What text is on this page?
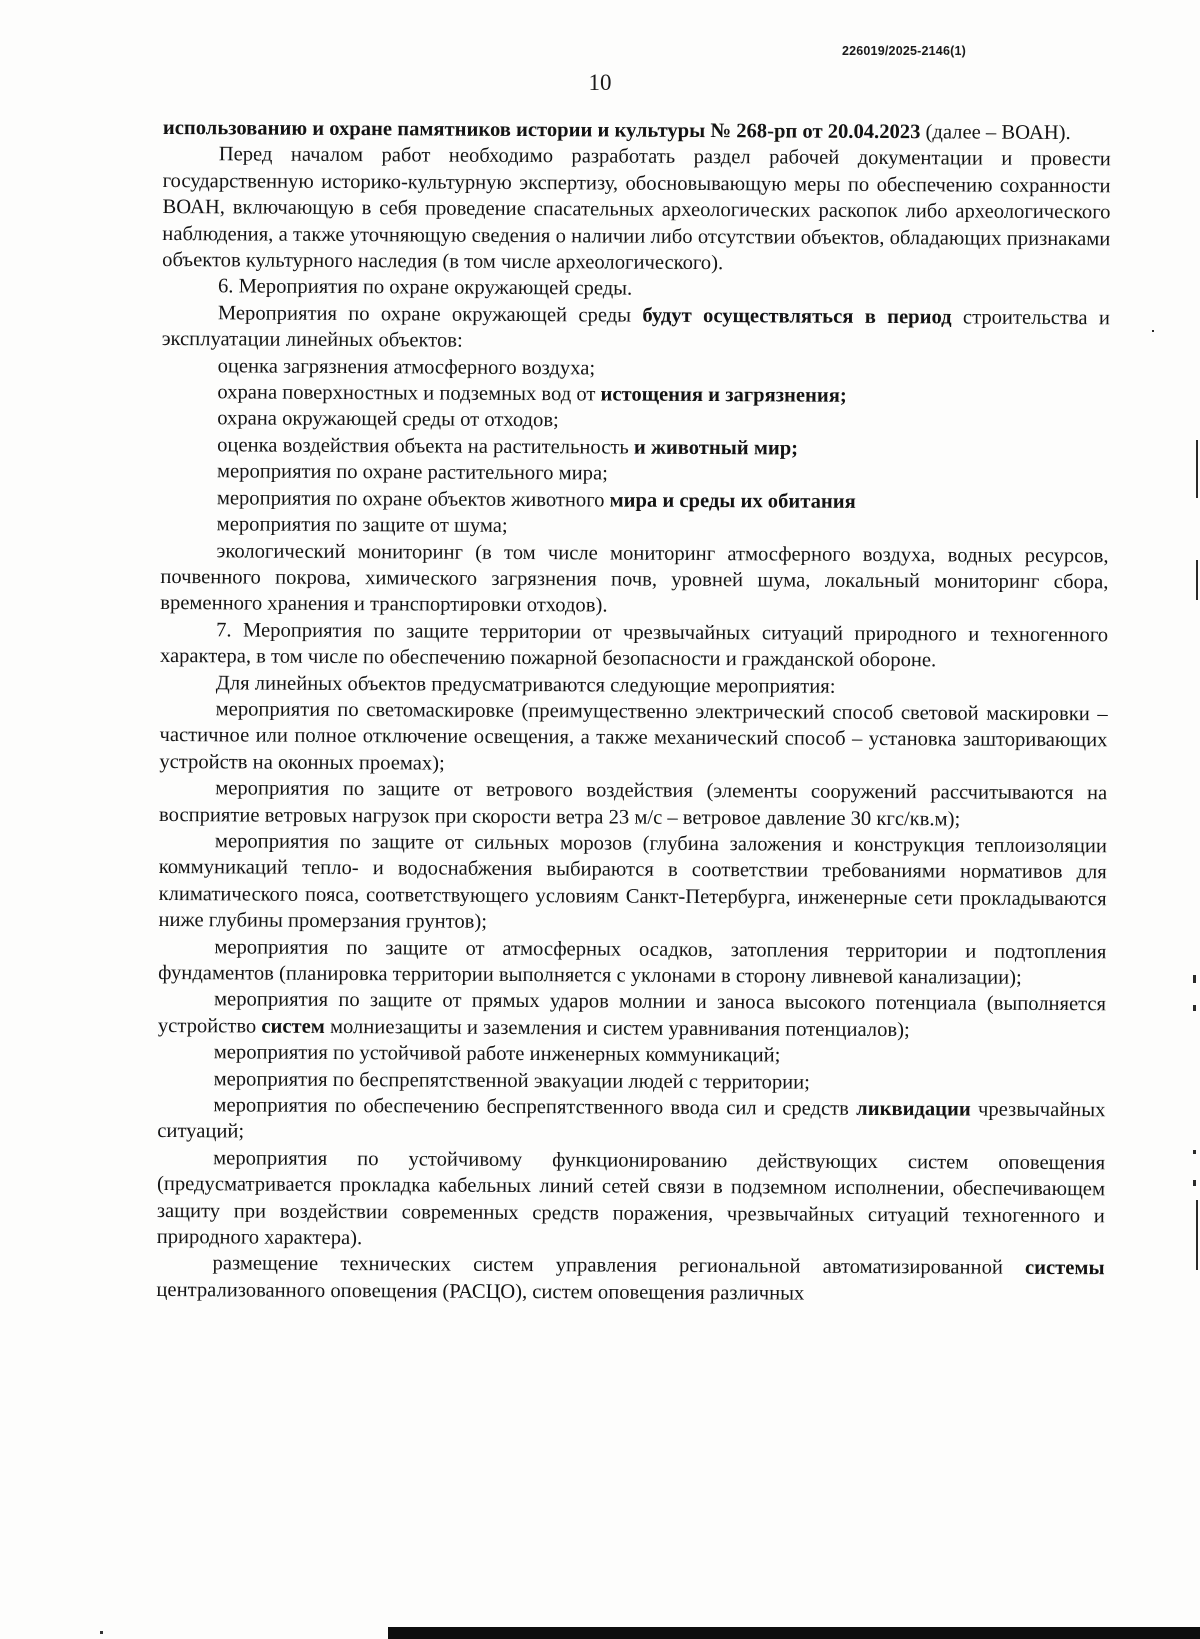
226019/2025-2146(1)
10

использованию и охране памятников истории и культуры № 268-рп от 20.04.2023 (далее – ВОАН).

Перед началом работ необходимо разработать раздел рабочей документации и провести государственную историко-культурную экспертизу, обосновывающую меры по обеспечению сохранности ВОАН, включающую в себя проведение спасательных археологических раскопок либо археологического наблюдения, а также уточняющую сведения о наличии либо отсутствии объектов, обладающих признаками объектов культурного наследия (в том числе археологического).

6. Мероприятия по охране окружающей среды.

Мероприятия по охране окружающей среды будут осуществляться в период строительства и эксплуатации линейных объектов:

оценка загрязнения атмосферного воздуха;

охрана поверхностных и подземных вод от истощения и загрязнения;

охрана окружающей среды от отходов;

оценка воздействия объекта на растительность и животный мир;

мероприятия по охране растительного мира;

мероприятия по охране объектов животного мира и среды их обитания

мероприятия по защите от шума;

экологический мониторинг (в том числе мониторинг атмосферного воздуха, водных ресурсов, почвенного покрова, химического загрязнения почв, уровней шума, локальный мониторинг сбора, временного хранения и транспортировки отходов).

7. Мероприятия по защите территории от чрезвычайных ситуаций природного и техногенного характера, в том числе по обеспечению пожарной безопасности и гражданской обороне.

Для линейных объектов предусматриваются следующие мероприятия:

мероприятия по светомаскировке (преимущественно электрический способ световой маскировки – частичное или полное отключение освещения, а также механический способ – установка зашторивающих устройств на оконных проемах);

мероприятия по защите от ветрового воздействия (элементы сооружений рассчитываются на восприятие ветровых нагрузок при скорости ветра 23 м/с – ветровое давление 30 кгс/кв.м);

мероприятия по защите от сильных морозов (глубина заложения и конструкция теплоизоляции коммуникаций тепло- и водоснабжения выбираются в соответствии требованиями нормативов для климатического пояса, соответствующего условиям Санкт-Петербурга, инженерные сети прокладываются ниже глубины промерзания грунтов);

мероприятия по защите от атмосферных осадков, затопления территории и подтопления фундаментов (планировка территории выполняется с уклонами в сторону ливневой канализации);

мероприятия по защите от прямых ударов молнии и заноса высокого потенциала (выполняется устройство систем молниезащиты и заземления и систем уравнивания потенциалов);

мероприятия по устойчивой работе инженерных коммуникаций;

мероприятия по беспрепятственной эвакуации людей с территории;

мероприятия по обеспечению беспрепятственного ввода сил и средств ликвидации чрезвычайных ситуаций;

мероприятия по устойчивому функционированию действующих систем оповещения (предусматривается прокладка кабельных линий сетей связи в подземном исполнении, обеспечивающем защиту при воздействии современных средств поражения, чрезвычайных ситуаций техногенного и природного характера).

размещение технических систем управления региональной автоматизированной системы централизованного оповещения (РАСЦО), систем оповещения различных
